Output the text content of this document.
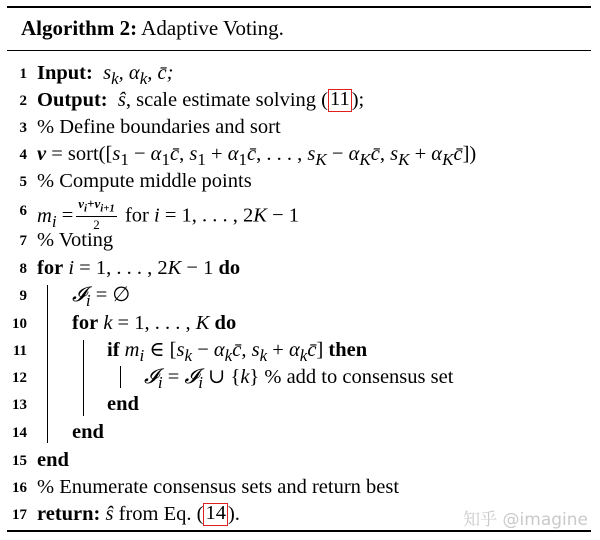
Algorithm 2: Adaptive Voting.
1 Input: $s_k$, $\alpha_k$, c̄;
2 Output: ŝ, scale estimate solving (11);
3 % Define boundaries and sort
4 $v = sort([s_1$ − $\alpha_1c̄$, $s_1$ + $\alpha_1c̄$, . . . , $s_K$ − $\alpha_Kc̄$, $s_K$ + $\alpha_Kc̄$])
5 % Compute middle points
6 $m_i = \frac{v_i+v_{i+1}}{2}$ for i = 1, . . . , 2K − 1
7 % Voting
8 for i = 1, . . . , 2K − 1 do
9 𝓘$_i$ = ∅
10 for k = 1, . . . , K do
11	if $m_i$ ∈ [$s_k$ − $\alpha_kc̄$, $s_k$ + $\alpha_kc̄$] then
12	𝓘$_i$ = 𝓘$_i$ ∪ {k} % add to consensus set
13	end
14 end
15 end
16 % Enumerate consensus sets and return best
17 return: ŝ from Eq. (14).	知乎 @imagine
